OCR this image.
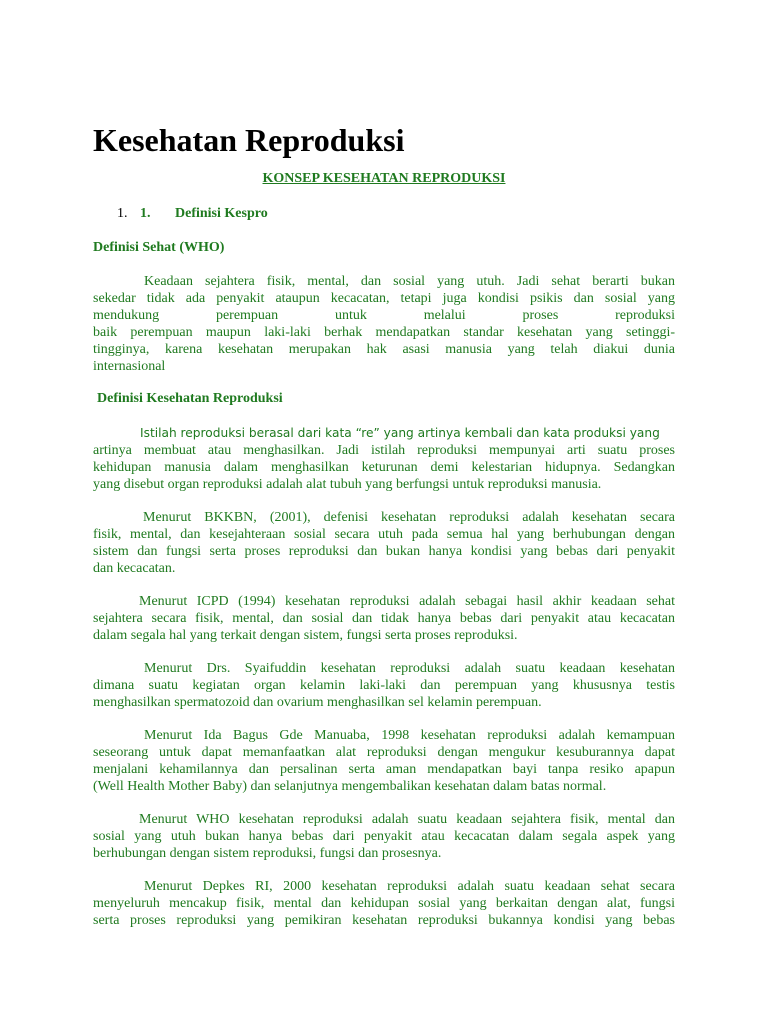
Kesehatan Reproduksi
KONSEP KESEHATAN REPRODUKSI
1. 1. Definisi Kespro
Definisi Sehat (WHO)
Keadaan sejahtera fisik, mental, dan sosial yang utuh. Jadi sehat berarti bukan
sekedar tidak ada penyakit ataupun kecacatan, tetapi juga kondisi psikis dan sosial yang
mendukung perempuan untuk melalui proses reproduksi
baik perempuan maupun laki-laki berhak mendapatkan standar kesehatan yang setinggi-
tingginya, karena kesehatan merupakan hak asasi manusia yang telah diakui dunia
internasional
Definisi Kesehatan Reproduksi
Istilah reproduksi berasal dari kata “re” yang artinya kembali dan kata produksi yang
artinya membuat atau menghasilkan. Jadi istilah reproduksi mempunyai arti suatu proses
kehidupan manusia dalam menghasilkan keturunan demi kelestarian hidupnya. Sedangkan
yang disebut organ reproduksi adalah alat tubuh yang berfungsi untuk reproduksi manusia.
Menurut BKKBN, (2001), defenisi kesehatan reproduksi adalah kesehatan secara
fisik, mental, dan kesejahteraan sosial secara utuh pada semua hal yang berhubungan dengan
sistem dan fungsi serta proses reproduksi dan bukan hanya kondisi yang bebas dari penyakit
dan kecacatan.
Menurut ICPD (1994) kesehatan reproduksi adalah sebagai hasil akhir keadaan sehat
sejahtera secara fisik, mental, dan sosial dan tidak hanya bebas dari penyakit atau kecacatan
dalam segala hal yang terkait dengan sistem, fungsi serta proses reproduksi.
Menurut Drs. Syaifuddin kesehatan reproduksi adalah suatu keadaan kesehatan
dimana suatu kegiatan organ kelamin laki-laki dan perempuan yang khususnya testis
menghasilkan spermatozoid dan ovarium menghasilkan sel kelamin perempuan.
Menurut Ida Bagus Gde Manuaba, 1998 kesehatan reproduksi adalah kemampuan
seseorang untuk dapat memanfaatkan alat reproduksi dengan mengukur kesuburannya dapat
menjalani kehamilannya dan persalinan serta aman mendapatkan bayi tanpa resiko apapun
(Well Health Mother Baby) dan selanjutnya mengembalikan kesehatan dalam batas normal.
Menurut WHO kesehatan reproduksi adalah suatu keadaan sejahtera fisik, mental dan
sosial yang utuh bukan hanya bebas dari penyakit atau kecacatan dalam segala aspek yang
berhubungan dengan sistem reproduksi, fungsi dan prosesnya.
Menurut Depkes RI, 2000 kesehatan reproduksi adalah suatu keadaan sehat secara
menyeluruh mencakup fisik, mental dan kehidupan sosial yang berkaitan dengan alat, fungsi
serta proses reproduksi yang pemikiran kesehatan reproduksi bukannya kondisi yang bebas
